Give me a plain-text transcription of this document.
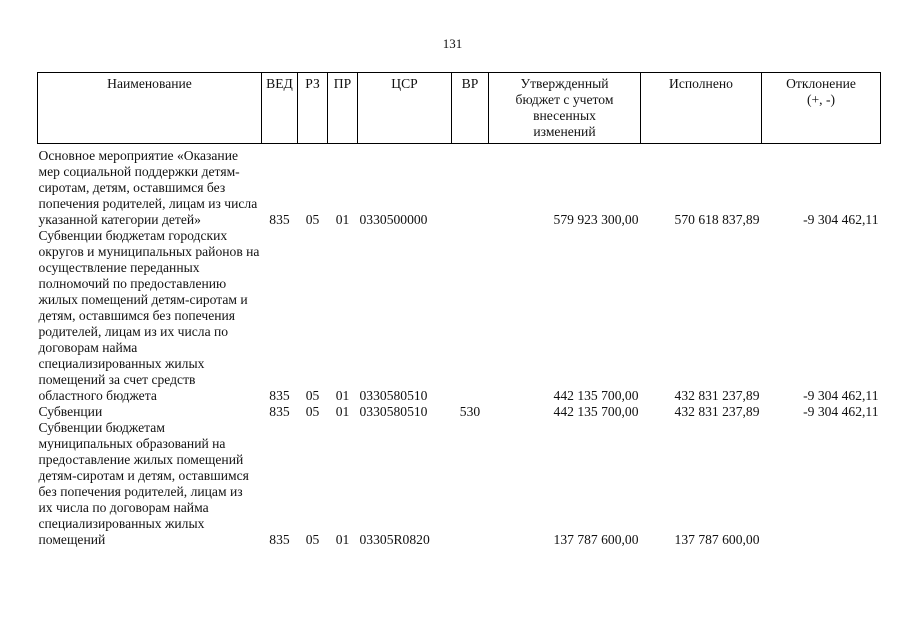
131
Наименование	ВЕД	РЗ	ПР	ЦСР	ВР	Утвержденный бюджет с учетом внесенных изменений	Исполнено	Отклонение (+, -)
Основное мероприятие «Оказание мер социальной поддержки детям-сиротам, детям, оставшимся без попечения родителей, лицам из числа указанной категории детей»	835	05	01	0330500000		579 923 300,00	570 618 837,89	-9 304 462,11
Субвенции бюджетам городских округов и муниципальных районов на осуществление переданных полномочий по предоставлению жилых помещений детям-сиротам и детям, оставшимся без попечения родителей, лицам из их числа по договорам найма специализированных жилых помещений за счет средств областного бюджета	835	05	01	0330580510		442 135 700,00	432 831 237,89	-9 304 462,11
Субвенции	835	05	01	0330580510	530	442 135 700,00	432 831 237,89	-9 304 462,11
Субвенции бюджетам муниципальных образований на предоставление жилых помещений детям-сиротам и детям, оставшимся без попечения родителей, лицам из их числа по договорам найма специализированных жилых помещений	835	05	01	03305R0820		137 787 600,00	137 787 600,00	
